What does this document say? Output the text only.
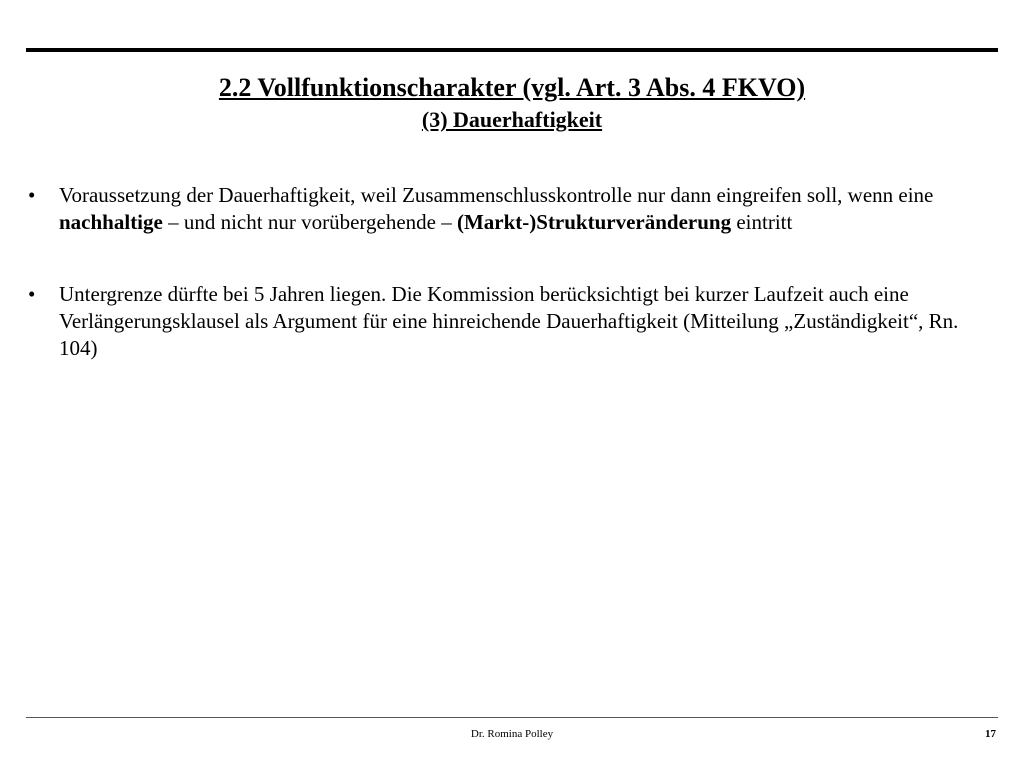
2.2 Vollfunktionscharakter (vgl. Art. 3 Abs. 4 FKVO)
(3) Dauerhaftigkeit
• Voraussetzung der Dauerhaftigkeit, weil Zusammenschlusskontrolle nur dann eingreifen soll, wenn eine nachhaltige – und nicht nur vorübergehende – (Markt-)Strukturveränderung eintritt
• Untergrenze dürfte bei 5 Jahren liegen. Die Kommission berücksichtigt bei kurzer Laufzeit auch eine Verlängerungsklausel als Argument für eine hinreichende Dauerhaftigkeit (Mitteilung „Zuständigkeit“, Rn. 104)
Dr. Romina Polley	17
